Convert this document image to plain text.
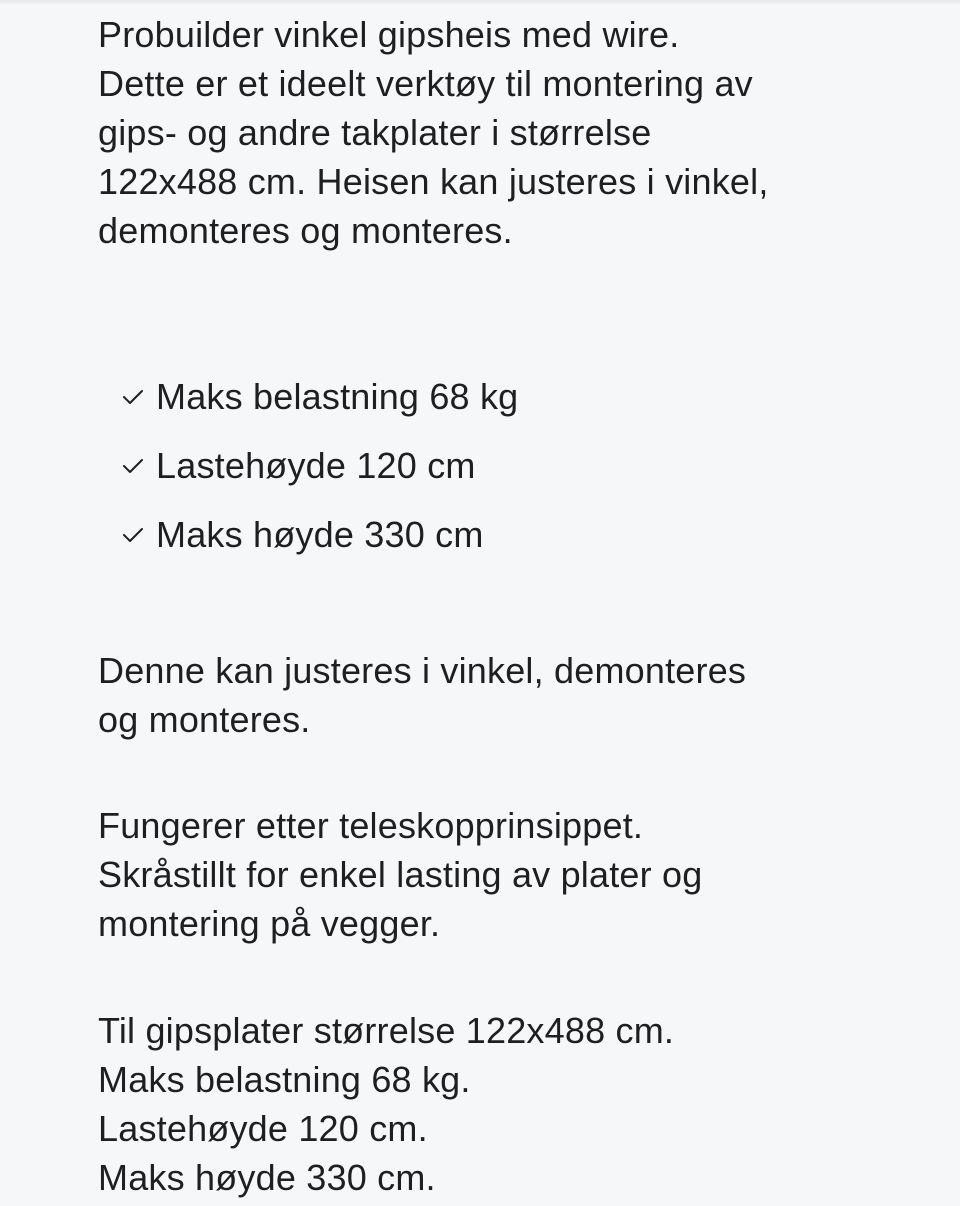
Probuilder vinkel gipsheis med wire.
Dette er et ideelt verktøy til montering av
gips- og andre takplater i størrelse
122x488 cm. Heisen kan justeres i vinkel,
demonteres og monteres.
Maks belastning 68 kg
Lastehøyde 120 cm
Maks høyde 330 cm
Denne kan justeres i vinkel, demonteres
og monteres.
Fungerer etter teleskopprinsippet.
Skråstillt for enkel lasting av plater og
montering på vegger.
Til gipsplater størrelse 122x488 cm.
Maks belastning 68 kg.
Lastehøyde 120 cm.
Maks høyde 330 cm.
